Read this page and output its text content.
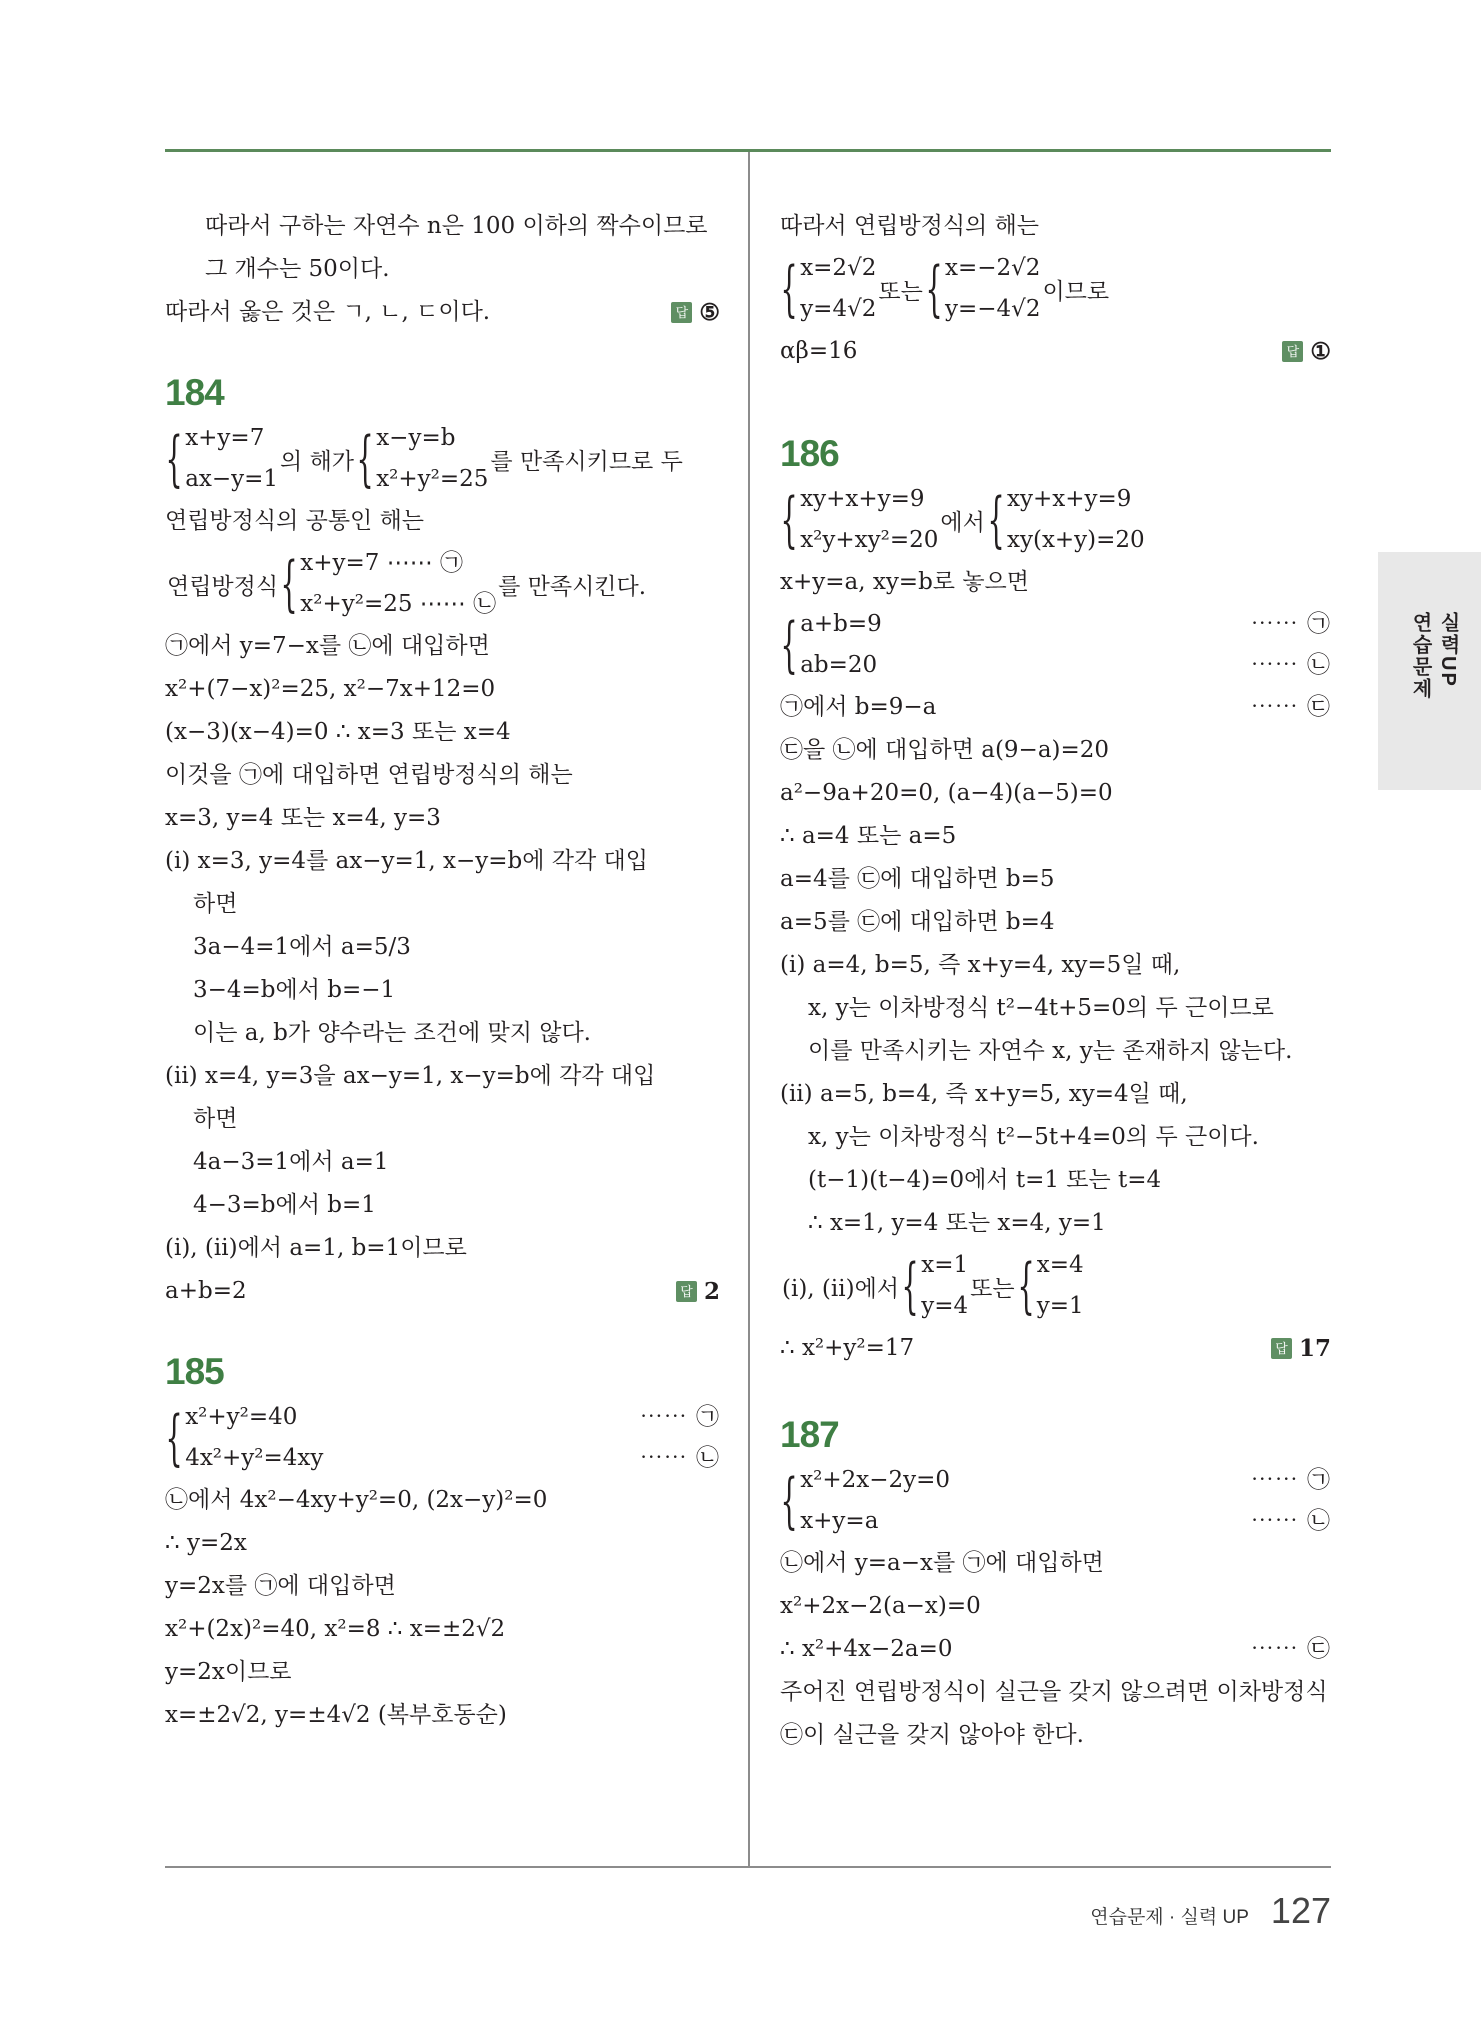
따라서 구하는 자연수 n은 100 이하의 짝수이므로
그 개수는 50이다.
따라서 옳은 것은 ㄱ, ㄴ, ㄷ이다.	답 ⑤
184
{ x+y=7
ax−y=1
의 해가 { x−y=b
x²+y²=25
를 만족시키므로 두
연립방정식의 공통인 해는
연립방정식 { x+y=7 ⋯⋯ ㉠
x²+y²=25 ⋯⋯ ㉡
를 만족시킨다.
㉠에서 y=7−x를 ㉡에 대입하면
x²+(7−x)²=25, x²−7x+12=0
(x−3)(x−4)=0 ∴ x=3 또는 x=4
이것을 ㉠에 대입하면 연립방정식의 해는
x=3, y=4 또는 x=4, y=3
(ⅰ) x=3, y=4를 ax−y=1, x−y=b에 각각 대입
하면
3a−4=1에서 a=5/3
3−4=b에서 b=−1
이는 a, b가 양수라는 조건에 맞지 않다.
(ⅱ) x=4, y=3을 ax−y=1, x−y=b에 각각 대입
하면
4a−3=1에서 a=1
4−3=b에서 b=1
(ⅰ), (ⅱ)에서 a=1, b=1이므로
a+b=2	답 2
185
{ x²+y²=40	⋯⋯ ㉠
4x²+y²=4xy	⋯⋯ ㉡
㉡에서 4x²−4xy+y²=0, (2x−y)²=0
∴ y=2x
y=2x를 ㉠에 대입하면
x²+(2x)²=40, x²=8 ∴ x=±2√2
y=2x이므로
x=±2√2, y=±4√2 (복부호동순)
따라서 연립방정식의 해는
{ x=2√2
y=4√2
또는 { x=−2√2
y=−4√2
이므로
αβ=16	답 ①
186
{ xy+x+y=9
x²y+xy²=20
에서 { xy+x+y=9
xy(x+y)=20
x+y=a, xy=b로 놓으면
{ a+b=9	⋯⋯ ㉠
ab=20	⋯⋯ ㉡
㉠에서 b=9−a	⋯⋯ ㉢
㉢을 ㉡에 대입하면 a(9−a)=20
a²−9a+20=0, (a−4)(a−5)=0
∴ a=4 또는 a=5
a=4를 ㉢에 대입하면 b=5
a=5를 ㉢에 대입하면 b=4
(ⅰ) a=4, b=5, 즉 x+y=4, xy=5일 때,
x, y는 이차방정식 t²−4t+5=0의 두 근이므로
이를 만족시키는 자연수 x, y는 존재하지 않는다.
(ⅱ) a=5, b=4, 즉 x+y=5, xy=4일 때,
x, y는 이차방정식 t²−5t+4=0의 두 근이다.
(t−1)(t−4)=0에서 t=1 또는 t=4
∴ x=1, y=4 또는 x=4, y=1
(ⅰ), (ⅱ)에서 { x=1
y=4
또는 { x=4
y=1
∴ x²+y²=17	답 17
187
{ x²+2x−2y=0	⋯⋯ ㉠
x+y=a	⋯⋯ ㉡
㉡에서 y=a−x를 ㉠에 대입하면
x²+2x−2(a−x)=0
∴ x²+4x−2a=0	⋯⋯ ㉢
주어진 연립방정식이 실근을 갖지 않으려면 이차방정식
㉢이 실근을 갖지 않아야 한다.
연습문제 실력UP
연습문제 · 실력 UP 127
